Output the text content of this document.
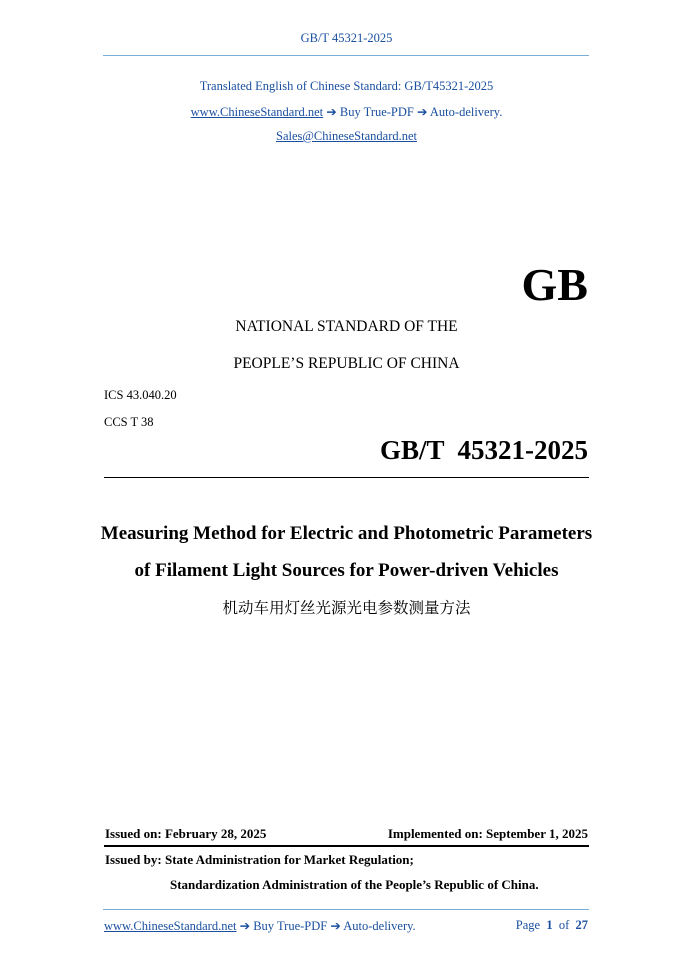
GB/T 45321-2025
Translated English of Chinese Standard: GB/T45321-2025
www.ChineseStandard.net ➔ Buy True-PDF ➔ Auto-delivery.
Sales@ChineseStandard.net
GB
NATIONAL STANDARD OF THE
PEOPLE’S REPUBLIC OF CHINA
ICS 43.040.20
CCS T 38
GB/T  45321-2025
Measuring Method for Electric and Photometric Parameters
of Filament Light Sources for Power-driven Vehicles
机动车用灯丝光源光电参数测量方法
Issued on: February 28, 2025	Implemented on: September 1, 2025
Issued by: State Administration for Market Regulation;
Standardization Administration of the People’s Republic of China.
www.ChineseStandard.net ➔ Buy True-PDF ➔ Auto-delivery.	Page 1 of 27
